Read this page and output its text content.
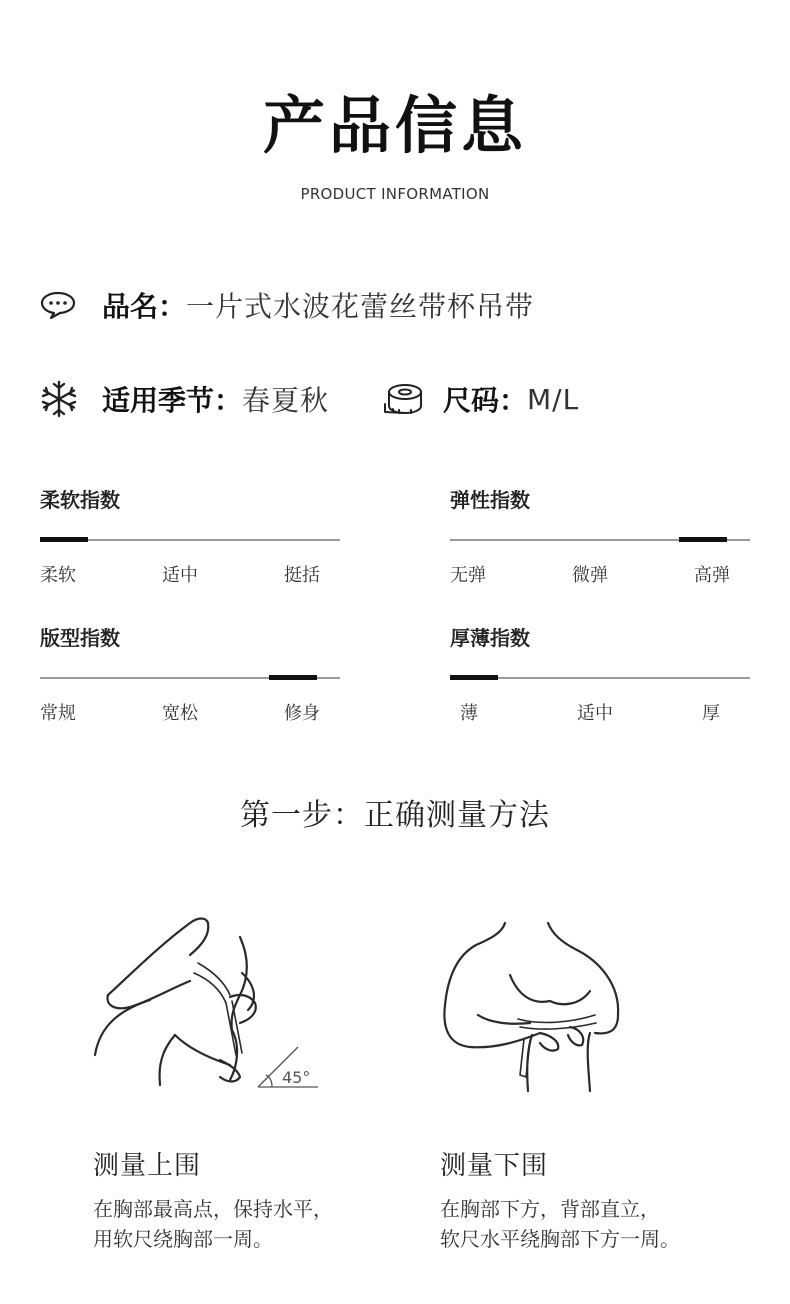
产品信息
PRODUCT INFORMATION
品名： 一片式水波花蕾丝带杯吊带
适用季节： 春夏秋	尺码： M/L
柔软指数
柔软	适中	挺括
弹性指数
无弹	微弹	高弹
版型指数
常规	宽松	修身
厚薄指数
薄	适中	厚
第一步：正确测量方法
45°
测量上围
在胸部最高点，保持水平，
用软尺绕胸部一周。
测量下围
在胸部下方，背部直立，
软尺水平绕胸部下方一周。
